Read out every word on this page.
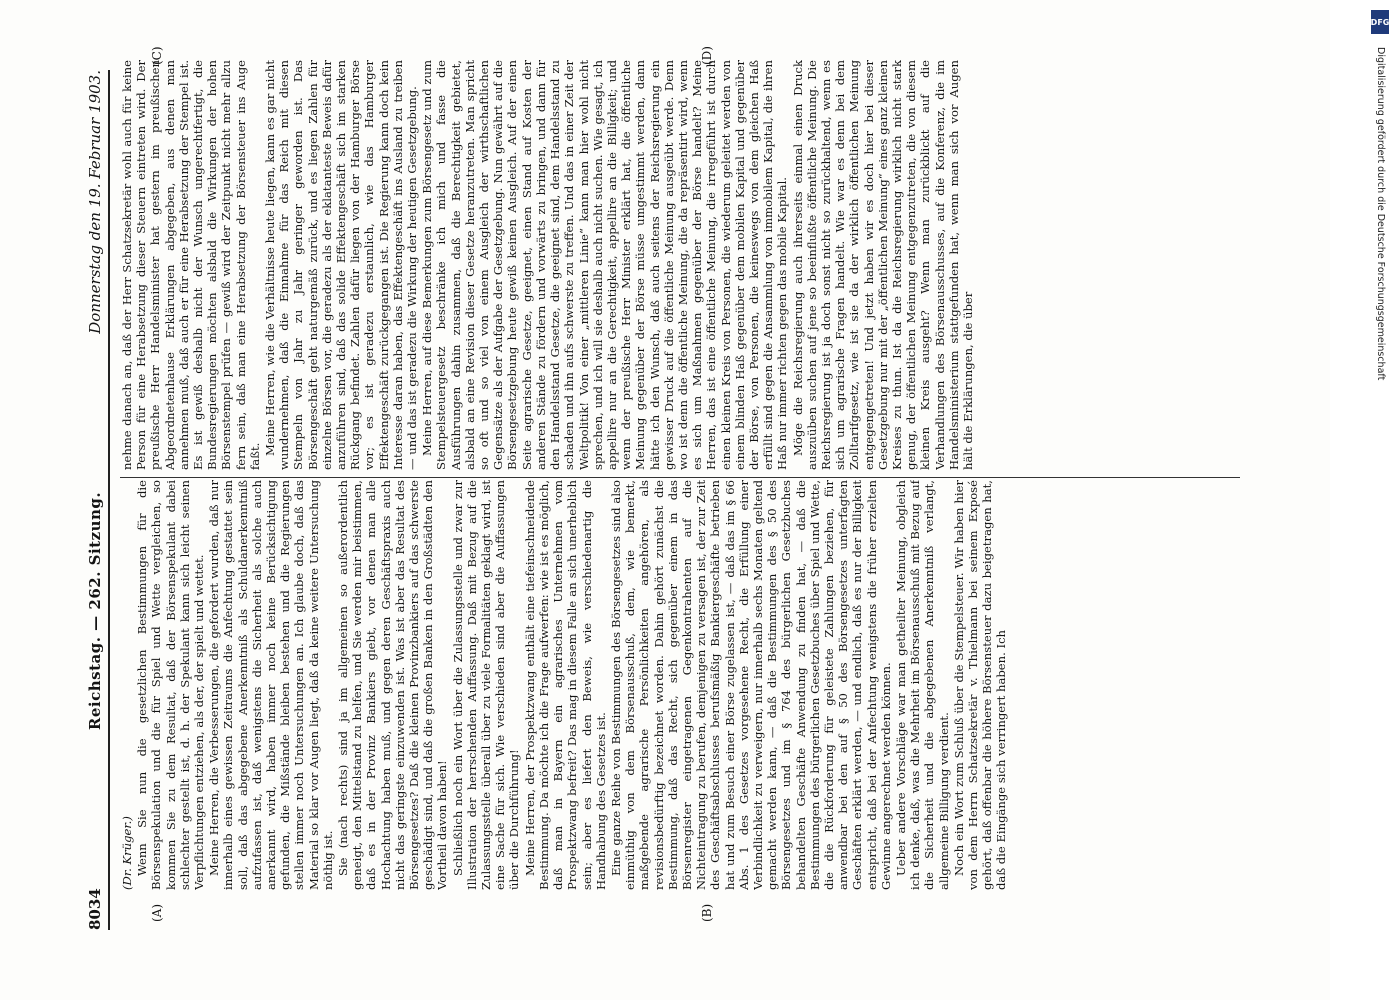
8034
Reichstag. — 262. Sitzung.
Donnerstag den 19. Februar 1903.
(A)	(B)
(C)	(D)

(Dr. Krüger.) Wenn Sie nun die gesetzlichen Bestimmungen für die Börsenspekulation und die für Spiel und Wette vergleichen, so kommen Sie zu dem Resultat, daß der Börsenspekulant dabei schlechter gestellt ist, d. h. der Spekulant kann sich leicht seinen Verpflichtungen entziehen, als der, der spielt und wettet. Meine Herren, die Verbesserungen, die gefordert wurden, daß nur innerhalb eines gewissen Zeitraums die Anfechtung gestattet sein soll, daß das abgegebene Anerkenntniß als Schuldanerkenntniß aufzufassen ist, daß wenigstens die Sicherheit als solche auch anerkannt wird, haben immer noch keine Berücksichtigung gefunden, die Mißstände bleiben bestehen und die Regierungen stellen immer noch Untersuchungen an. Ich glaube doch, daß das Material so klar vor Augen liegt, daß da keine weitere Untersuchung nöthig ist. Sie (nach rechts) sind ja im allgemeinen so außerordentlich geneigt, den Mittelstand zu helfen, und Sie werden mir beistimmen, daß es in der Provinz Bankiers giebt, vor denen man alle Hochachtung haben muß, und gegen deren Geschäftspraxis auch nicht das geringste einzuwenden ist. Was ist aber das Resultat des Börsengesetzes? Daß die kleinen Provinzbankiers auf das schwerste geschädigt sind, und daß die großen Banken in den Großstädten den Vortheil davon haben! Schließlich noch ein Wort über die Zulassungsstelle und zwar zur Illustration der herrschenden Auffassung. Daß mit Bezug auf die Zulassungsstelle überall über zu viele Formalitäten geklagt wird, ist eine Sache für sich. Wie verschieden sind aber die Auffassungen über die Durchführung! Meine Herren, der Prospektzwang enthält eine tiefeinschneidende Bestimmung. Da möchte ich die Frage aufwerfen: wie ist es möglich, daß man in Bayern ein agrarisches Unternehmen vom Prospektzwang befreit? Das mag in diesem Falle an sich unerheblich sein; aber es liefert den Beweis, wie verschiedenartig die Handhabung des Gesetzes ist. Eine ganze Reihe von Bestimmungen des Börsengesetzes sind also einmüthig von dem Börsenausschuß, dem, wie bemerkt, maßgebende agrarische Persönlichkeiten angehören, als revisionsbedürftig bezeichnet worden. Dahin gehört zunächst die Bestimmung, daß das Recht, sich gegenüber einem in das Börsenregister eingetragenen Gegenkontrahenten auf die Nichteintragung zu berufen, demjenigen zu versagen ist, der zur Zeit des Geschäftsabschlusses berufsmäßig Bankiergeschäfte betrieben hat und zum Besuch einer Börse zugelassen ist, — daß das im § 66 Abs. 1 des Gesetzes vorgesehene Recht, die Erfüllung einer Verbindlichkeit zu verweigern, nur innerhalb sechs Monaten geltend gemacht werden kann, — daß die Bestimmungen des § 50 des Börsengesetzes und im § 764 des bürgerlichen Gesetzbuches behandelten Geschäfte Anwendung zu finden hat, — daß die Bestimmungen des bürgerlichen Gesetzbuches über Spiel und Wette, die die Rückforderung für geleistete Zahlungen beziehen, für anwendbar bei den auf § 50 des Börsengesetzes unterfagten Geschäften erklärt werden, — und endlich, daß es nur der Billigkeit entspricht, daß bei der Anfechtung wenigstens die früher erzielten Gewinne angerechnet werden können. Ueber andere Vorschläge war man getheilter Meinung, obgleich ich denke, daß, was die Mehrheit im Börsenausschuß mit Bezug auf die Sicherheit und die abgegebenen Anerkenntniß verlangt, allgemeine Billigung verdient. Noch ein Wort zum Schluß über die Stempelsteuer. Wir haben hier von dem Herrn Schatzsekretär v. Thielmann bei seinem Exposé gehört, daß offenbar die höhere Börsensteuer dazu beigetragen hat, daß die Eingänge sich verringert haben. Ich

nehme danach an, daß der Herr Schatzsekretär wohl auch für keine Person für eine Herabsetzung dieser Steuern eintreten wird. Der preußische Herr Handelsminister hat gestern im preußischen Abgeordnetenhause Erklärungen abgegeben, aus denen man annehmen muß, daß auch er für eine Herabsetzung der Stempel ist. Es ist gewiß deshalb nicht der Wunsch ungerechtfertigt, die Bundesregierungen möchten alsbald die Wirkungen der hohen Börsenstempel prüfen — gewiß wird der Zeitpunkt nicht mehr allzu fern sein, daß man eine Herabsetzung der Börsensteuer ins Auge faßt.

Meine Herren, wie die Verhältnisse heute liegen, kann es gar nicht wundernehmen, daß die Einnahme für das Reich mit diesen Stempeln von Jahr zu Jahr geringer geworden ist. Das Börsengeschäft geht naturgemäß zurück, und es liegen Zahlen für einzelne Börsen vor, die geradezu als der eklatanteste Beweis dafür anzuführen sind, daß das solide Effektengeschäft sich im starken Rückgang befindet. Zahlen dafür liegen von der Hamburger Börse vor; es ist geradezu erstaunlich, wie das Hamburger Effektengeschäft zurückgegangen ist. Die Regierung kann doch kein Interesse daran haben, das Effektengeschäft ins Ausland zu treiben — und das ist geradezu die Wirkung der heutigen Gesetzgebung. Meine Herren, auf diese Bemerkungen zum Börsengesetz und zum Stempelsteuergesetz beschränke ich mich und fasse die Ausführungen dahin zusammen, daß die Berechtigkeit gebietet, alsbald an eine Revision dieser Gesetze heranzutreten. Man spricht so oft und so viel von einem Ausgleich der wirthschaftlichen Gegensätze als der Aufgabe der Gesetzgebung. Nun gewährt auf die Börsengesetzgebung heute gewiß keinen Ausgleich. Auf der einen Seite agrarische Gesetze, geeignet, einen Stand auf Kosten der anderen Stände zu fördern und vorwärts zu bringen, und dann für den Handelsstand Gesetze, die geeignet sind, dem Handelsstand zu schaden und ihn aufs schwerste zu treffen. Und das in einer Zeit der Weltpolitik! Von einer „mittleren Linie“ kann man hier wohl nicht sprechen, und ich will sie deshalb auch nicht suchen. Wie gesagt, ich appellire nur an die Gerechtigkeit, appellire an die Billigkeit; und wenn der preußische Herr Minister erklärt hat, die öffentliche Meinung gegenüber der Börse müsse umgestimmt werden, dann hätte ich den Wunsch, daß auch seitens der Reichsregierung ein gewisser Druck auf die öffentliche Meinung ausgeübt werde. Denn wo ist denn die öffentliche Meinung, die da repräsentirt wird, wenn es sich um Maßnahmen gegenüber der Börse handelt? Meine Herren, das ist eine öffentliche Meinung, die irregeführt ist durch einen kleinen Kreis von Personen, die wiederum geleitet werden von einem blinden Haß gegenüber dem mobilen Kapital und gegenüber der Börse, von Personen, die keineswegs von dem gleichen Haß erfüllt sind gegen die Ansammlung von immobilem Kapital, die ihren Haß nur immer richten gegen das mobile Kapital. Möge die Reichsregierung auch ihrerseits einmal einen Druck auszuüben suchen auf jene so beeinflußte öffentliche Meinung. Die Reichsregierung ist ja doch sonst nicht so zurückhaltend, wenn es sich um agrarische Fragen handelt. Wie war es denn bei dem Zolltarifgesetz, wie ist sie da der wirklich öffentlichen Meinung entgegengetreten! Und jetzt haben wir es doch hier bei dieser Gesetzgebung nur mit der „öffentlichen Meinung“ eines ganz kleinen Kreises zu thun. Ist da die Reichsregierung wirklich nicht stark genug, der öffentlichen Meinung entgegenzutreten, die von diesem kleinen Kreis ausgeht? Wenn man zurückblickt auf die Verhandlungen des Börsenausschusses, auf die Konferenz, die im Handelsministerium stattgefunden hat, wenn man sich vor Augen hält die Erklärungen, die über

DFG
Digitalisierung gefördert durch die Deutsche Forschungsgemeinschaft
